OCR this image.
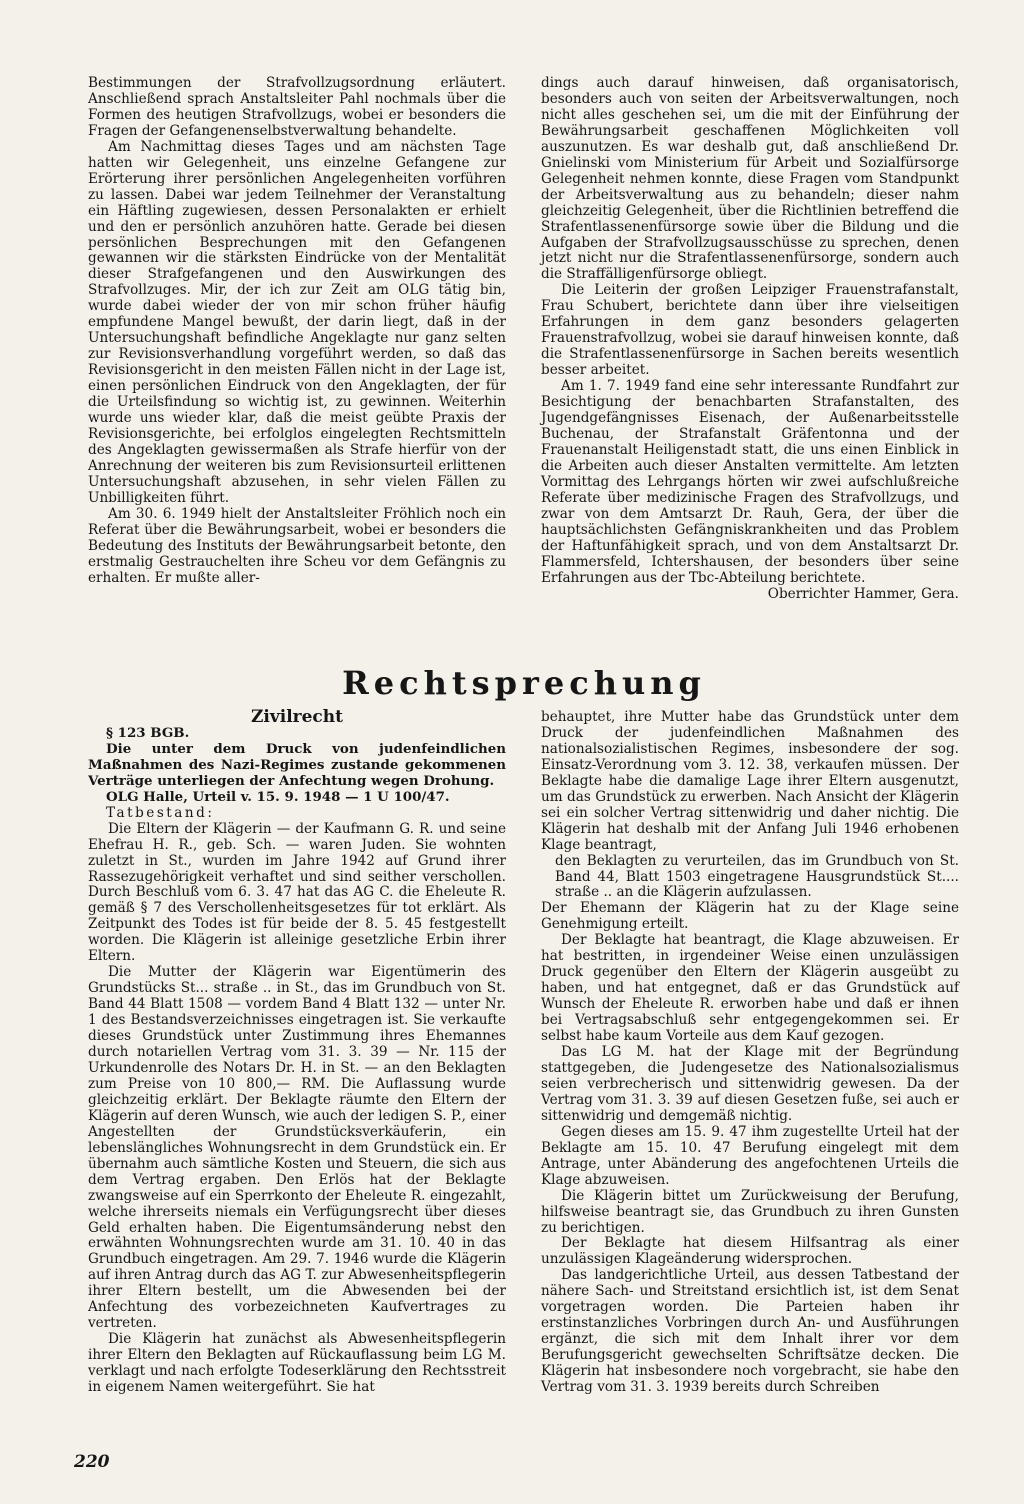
Bestimmungen der Strafvollzugsordnung erläutert. Anschließend sprach Anstaltsleiter Pahl nochmals über die Formen des heutigen Strafvollzugs, wobei er besonders die Fragen der Gefangenenselbstverwaltung behandelte.

Am Nachmittag dieses Tages und am nächsten Tage hatten wir Gelegenheit, uns einzelne Gefangene zur Erörterung ihrer persönlichen Angelegenheiten vorführen zu lassen. Dabei war jedem Teilnehmer der Veranstaltung ein Häftling zugewiesen, dessen Personalakten er erhielt und den er persönlich anzuhören hatte. Gerade bei diesen persönlichen Besprechungen mit den Gefangenen gewannen wir die stärksten Eindrücke von der Mentalität dieser Strafgefangenen und den Auswirkungen des Strafvollzuges. Mir, der ich zur Zeit am OLG tätig bin, wurde dabei wieder der von mir schon früher häufig empfundene Mangel bewußt, der darin liegt, daß in der Untersuchungshaft befindliche Angeklagte nur ganz selten zur Revisionsverhandlung vorgeführt werden, so daß das Revisionsgericht in den meisten Fällen nicht in der Lage ist, einen persönlichen Eindruck von den Angeklagten, der für die Urteilsfindung so wichtig ist, zu gewinnen. Weiterhin wurde uns wieder klar, daß die meist geübte Praxis der Revisionsgerichte, bei erfolglos eingelegten Rechtsmitteln des Angeklagten gewissermaßen als Strafe hierfür von der Anrechnung der weiteren bis zum Revisionsurteil erlittenen Untersuchungshaft abzusehen, in sehr vielen Fällen zu Unbilligkeiten führt.

Am 30. 6. 1949 hielt der Anstaltsleiter Fröhlich noch ein Referat über die Bewährungsarbeit, wobei er besonders die Bedeutung des Instituts der Bewährungsarbeit betonte, den erstmalig Gestrauchelten ihre Scheu vor dem Gefängnis zu erhalten. Er mußte aller-

dings auch darauf hinweisen, daß organisatorisch, besonders auch von seiten der Arbeitsverwaltungen, noch nicht alles geschehen sei, um die mit der Einführung der Bewährungsarbeit geschaffenen Möglichkeiten voll auszunutzen. Es war deshalb gut, daß anschließend Dr. Gnielinski vom Ministerium für Arbeit und Sozialfürsorge Gelegenheit nehmen konnte, diese Fragen vom Standpunkt der Arbeitsverwaltung aus zu behandeln; dieser nahm gleichzeitig Gelegenheit, über die Richtlinien betreffend die Strafentlassenenfürsorge sowie über die Bildung und die Aufgaben der Strafvollzugsausschüsse zu sprechen, denen jetzt nicht nur die Strafentlassenenfürsorge, sondern auch die Straffälligenfürsorge obliegt.

Die Leiterin der großen Leipziger Frauenstrafanstalt, Frau Schubert, berichtete dann über ihre vielseitigen Erfahrungen in dem ganz besonders gelagerten Frauenstrafvollzug, wobei sie darauf hinweisen konnte, daß die Strafentlassenenfürsorge in Sachen bereits wesentlich besser arbeitet.

Am 1. 7. 1949 fand eine sehr interessante Rundfahrt zur Besichtigung der benachbarten Strafanstalten, des Jugendgefängnisses Eisenach, der Außenarbeitsstelle Buchenau, der Strafanstalt Gräfentonna und der Frauenanstalt Heiligenstadt statt, die uns einen Einblick in die Arbeiten auch dieser Anstalten vermittelte. Am letzten Vormittag des Lehrgangs hörten wir zwei aufschlußreiche Referate über medizinische Fragen des Strafvollzugs, und zwar von dem Amtsarzt Dr. Rauh, Gera, der über die hauptsächlichsten Gefängniskrankheiten und das Problem der Haftunfähigkeit sprach, und von dem Anstaltsarzt Dr. Flammersfeld, Ichtershausen, der besonders über seine Erfahrungen aus der Tbc-Abteilung berichtete.

Oberrichter Hammer, Gera.

Rechtsprechung

Zivilrecht

§ 123 BGB.

Die unter dem Druck von judenfeindlichen Maßnahmen des Nazi-Regimes zustande gekommenen Verträge unterliegen der Anfechtung wegen Drohung.

OLG Halle, Urteil v. 15. 9. 1948 — 1 U 100/47.

Tatbestand:

Die Eltern der Klägerin — der Kaufmann G. R. und seine Ehefrau H. R., geb. Sch. — waren Juden. Sie wohnten zuletzt in St., wurden im Jahre 1942 auf Grund ihrer Rassezugehörigkeit verhaftet und sind seither verschollen. Durch Beschluß vom 6. 3. 47 hat das AG C. die Eheleute R. gemäß § 7 des Verschollenheitsgesetzes für tot erklärt. Als Zeitpunkt des Todes ist für beide der 8. 5. 45 festgestellt worden. Die Klägerin ist alleinige gesetzliche Erbin ihrer Eltern.

Die Mutter der Klägerin war Eigentümerin des Grundstücks St... straße .. in St., das im Grundbuch von St. Band 44 Blatt 1508 — vordem Band 4 Blatt 132 — unter Nr. 1 des Bestandsverzeichnisses eingetragen ist. Sie verkaufte dieses Grundstück unter Zustimmung ihres Ehemannes durch notariellen Vertrag vom 31. 3. 39 — Nr. 115 der Urkundenrolle des Notars Dr. H. in St. — an den Beklagten zum Preise von 10 800,— RM. Die Auflassung wurde gleichzeitig erklärt. Der Beklagte räumte den Eltern der Klägerin auf deren Wunsch, wie auch der ledigen S. P., einer Angestellten der Grundstücksverkäuferin, ein lebenslängliches Wohnungsrecht in dem Grundstück ein. Er übernahm auch sämtliche Kosten und Steuern, die sich aus dem Vertrag ergaben. Den Erlös hat der Beklagte zwangsweise auf ein Sperrkonto der Eheleute R. eingezahlt, welche ihrerseits niemals ein Verfügungsrecht über dieses Geld erhalten haben. Die Eigentumsänderung nebst den erwähnten Wohnungsrechten wurde am 31. 10. 40 in das Grundbuch eingetragen. Am 29. 7. 1946 wurde die Klägerin auf ihren Antrag durch das AG T. zur Abwesenheitspflegerin ihrer Eltern bestellt, um die Abwesenden bei der Anfechtung des vorbezeichneten Kaufvertrages zu vertreten.

Die Klägerin hat zunächst als Abwesenheitspflegerin ihrer Eltern den Beklagten auf Rückauflassung beim LG M. verklagt und nach erfolgte Todeserklärung den Rechtsstreit in eigenem Namen weitergeführt. Sie hat

behauptet, ihre Mutter habe das Grundstück unter dem Druck der judenfeindlichen Maßnahmen des nationalsozialistischen Regimes, insbesondere der sog. Einsatz-Verordnung vom 3. 12. 38, verkaufen müssen. Der Beklagte habe die damalige Lage ihrer Eltern ausgenutzt, um das Grundstück zu erwerben. Nach Ansicht der Klägerin sei ein solcher Vertrag sittenwidrig und daher nichtig. Die Klägerin hat deshalb mit der Anfang Juli 1946 erhobenen Klage beantragt,

den Beklagten zu verurteilen, das im Grundbuch von St. Band 44, Blatt 1503 eingetragene Hausgrundstück St.... straße .. an die Klägerin aufzulassen.

Der Ehemann der Klägerin hat zu der Klage seine Genehmigung erteilt.

Der Beklagte hat beantragt, die Klage abzuweisen. Er hat bestritten, in irgendeiner Weise einen unzulässigen Druck gegenüber den Eltern der Klägerin ausgeübt zu haben, und hat entgegnet, daß er das Grundstück auf Wunsch der Eheleute R. erworben habe und daß er ihnen bei Vertragsabschluß sehr entgegengekommen sei. Er selbst habe kaum Vorteile aus dem Kauf gezogen.

Das LG M. hat der Klage mit der Begründung stattgegeben, die Judengesetze des Nationalsozialismus seien verbrecherisch und sittenwidrig gewesen. Da der Vertrag vom 31. 3. 39 auf diesen Gesetzen fuße, sei auch er sittenwidrig und demgemäß nichtig.

Gegen dieses am 15. 9. 47 ihm zugestellte Urteil hat der Beklagte am 15. 10. 47 Berufung eingelegt mit dem Antrage, unter Abänderung des angefochtenen Urteils die Klage abzuweisen.

Die Klägerin bittet um Zurückweisung der Berufung, hilfsweise beantragt sie, das Grundbuch zu ihren Gunsten zu berichtigen.

Der Beklagte hat diesem Hilfsantrag als einer unzulässigen Klageänderung widersprochen.

Das landgerichtliche Urteil, aus dessen Tatbestand der nähere Sach- und Streitstand ersichtlich ist, ist dem Senat vorgetragen worden. Die Parteien haben ihr erstinstanzliches Vorbringen durch An- und Ausführungen ergänzt, die sich mit dem Inhalt ihrer vor dem Berufungsgericht gewechselten Schriftsätze decken. Die Klägerin hat insbesondere noch vorgebracht, sie habe den Vertrag vom 31. 3. 1939 bereits durch Schreiben

220
